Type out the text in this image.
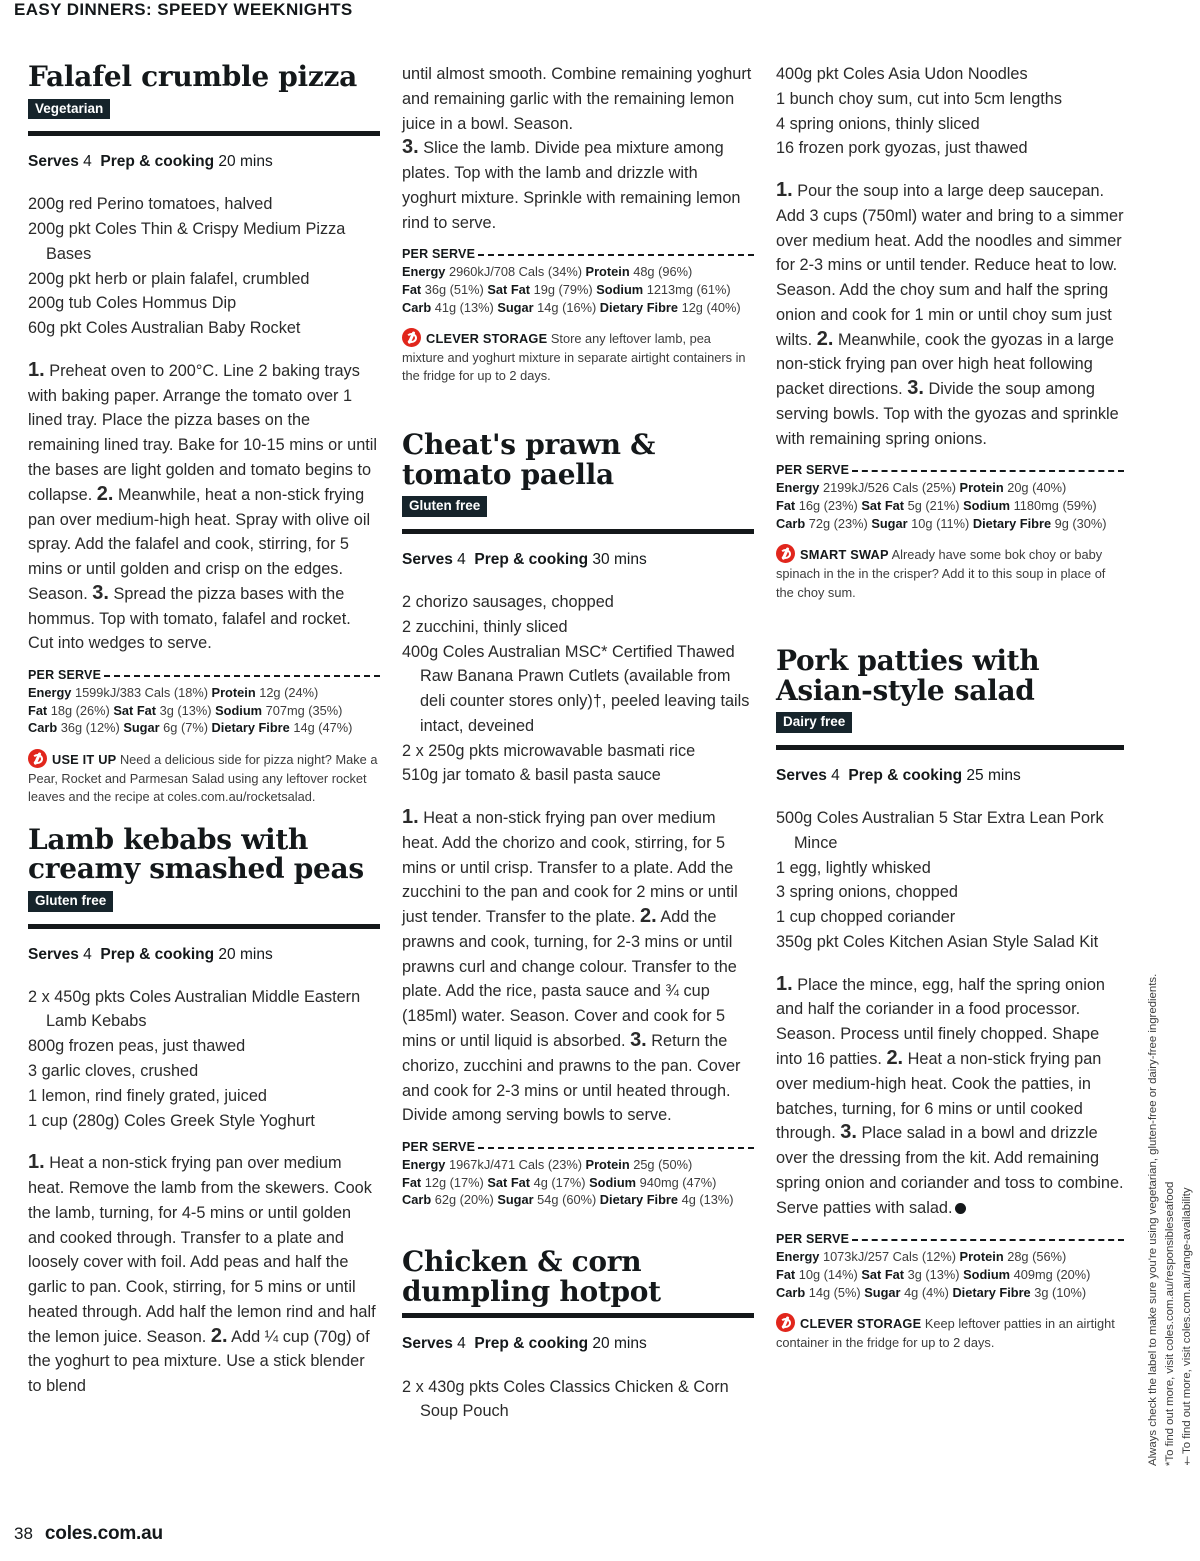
EASY DINNERS: SPEEDY WEEKNIGHTS
Falafel crumble pizza
Vegetarian
Serves 4 Prep & cooking 20 mins
200g red Perino tomatoes, halved
200g pkt Coles Thin & Crispy Medium Pizza Bases
200g pkt herb or plain falafel, crumbled
200g tub Coles Hommus Dip
60g pkt Coles Australian Baby Rocket
1. Preheat oven to 200°C. Line 2 baking trays with baking paper. Arrange the tomato over 1 lined tray. Place the pizza bases on the remaining lined tray. Bake for 10-15 mins or until the bases are light golden and tomato begins to collapse. 2. Meanwhile, heat a non-stick frying pan over medium-high heat. Spray with olive oil spray. Add the falafel and cook, stirring, for 5 mins or until golden and crisp on the edges. Season. 3. Spread the pizza bases with the hommus. Top with tomato, falafel and rocket. Cut into wedges to serve.
PER SERVE
Energy 1599kJ/383 Cals (18%) Protein 12g (24%)
Fat 18g (26%) Sat Fat 3g (13%) Sodium 707mg (35%)
Carb 36g (12%) Sugar 6g (7%) Dietary Fibre 14g (47%)
USE IT UP Need a delicious side for pizza night? Make a Pear, Rocket and Parmesan Salad using any leftover rocket leaves and the recipe at coles.com.au/rocketsalad.
Lamb kebabs with
creamy smashed peas
Gluten free
Serves 4 Prep & cooking 20 mins
2 x 450g pkts Coles Australian Middle Eastern Lamb Kebabs
800g frozen peas, just thawed
3 garlic cloves, crushed
1 lemon, rind finely grated, juiced
1 cup (280g) Coles Greek Style Yoghurt
1. Heat a non-stick frying pan over medium heat. Remove the lamb from the skewers. Cook the lamb, turning, for 4-5 mins or until golden and cooked through. Transfer to a plate and loosely cover with foil. Add peas and half the garlic to pan. Cook, stirring, for 5 mins or until heated through. Add half the lemon rind and half the lemon juice. Season. 2. Add ¼ cup (70g) of the yoghurt to pea mixture. Use a stick blender to blend
until almost smooth. Combine remaining yoghurt and remaining garlic with the remaining lemon juice in a bowl. Season.
3. Slice the lamb. Divide pea mixture among plates. Top with the lamb and drizzle with yoghurt mixture. Sprinkle with remaining lemon rind to serve.
PER SERVE
Energy 2960kJ/708 Cals (34%) Protein 48g (96%)
Fat 36g (51%) Sat Fat 19g (79%) Sodium 1213mg (61%)
Carb 41g (13%) Sugar 14g (16%) Dietary Fibre 12g (40%)
CLEVER STORAGE Store any leftover lamb, pea mixture and yoghurt mixture in separate airtight containers in the fridge for up to 2 days.
Cheat's prawn &
tomato paella
Gluten free
Serves 4 Prep & cooking 30 mins
2 chorizo sausages, chopped
2 zucchini, thinly sliced
400g Coles Australian MSC* Certified Thawed Raw Banana Prawn Cutlets (available from deli counter stores only)†, peeled leaving tails intact, deveined
2 x 250g pkts microwavable basmati rice
510g jar tomato & basil pasta sauce
1. Heat a non-stick frying pan over medium heat. Add the chorizo and cook, stirring, for 5 mins or until crisp. Transfer to a plate. Add the zucchini to the pan and cook for 2 mins or until just tender. Transfer to the plate. 2. Add the prawns and cook, turning, for 2-3 mins or until prawns curl and change colour. Transfer to the plate. Add the rice, pasta sauce and ¾ cup (185ml) water. Season. Cover and cook for 5 mins or until liquid is absorbed. 3. Return the chorizo, zucchini and prawns to the pan. Cover and cook for 2-3 mins or until heated through. Divide among serving bowls to serve.
PER SERVE
Energy 1967kJ/471 Cals (23%) Protein 25g (50%)
Fat 12g (17%) Sat Fat 4g (17%) Sodium 940mg (47%)
Carb 62g (20%) Sugar 54g (60%) Dietary Fibre 4g (13%)
Chicken & corn
dumpling hotpot
Serves 4 Prep & cooking 20 mins
2 x 430g pkts Coles Classics Chicken & Corn Soup Pouch
400g pkt Coles Asia Udon Noodles
1 bunch choy sum, cut into 5cm lengths
4 spring onions, thinly sliced
16 frozen pork gyozas, just thawed
1. Pour the soup into a large deep saucepan. Add 3 cups (750ml) water and bring to a simmer over medium heat. Add the noodles and simmer for 2-3 mins or until tender. Reduce heat to low. Season. Add the choy sum and half the spring onion and cook for 1 min or until choy sum just wilts. 2. Meanwhile, cook the gyozas in a large non-stick frying pan over high heat following packet directions. 3. Divide the soup among serving bowls. Top with the gyozas and sprinkle with remaining spring onions.
PER SERVE
Energy 2199kJ/526 Cals (25%) Protein 20g (40%)
Fat 16g (23%) Sat Fat 5g (21%) Sodium 1180mg (59%)
Carb 72g (23%) Sugar 10g (11%) Dietary Fibre 9g (30%)
SMART SWAP Already have some bok choy or baby spinach in the in the crisper? Add it to this soup in place of the choy sum.
Pork patties with
Asian-style salad
Dairy free
Serves 4 Prep & cooking 25 mins
500g Coles Australian 5 Star Extra Lean Pork Mince
1 egg, lightly whisked
3 spring onions, chopped
1 cup chopped coriander
350g pkt Coles Kitchen Asian Style Salad Kit
1. Place the mince, egg, half the spring onion and half the coriander in a food processor. Season. Process until finely chopped. Shape into 16 patties. 2. Heat a non-stick frying pan over medium-high heat. Cook the patties, in batches, turning, for 6 mins or until cooked through. 3. Place salad in a bowl and drizzle over the dressing from the kit. Add remaining spring onion and coriander and toss to combine. Serve patties with salad.
PER SERVE
Energy 1073kJ/257 Cals (12%) Protein 28g (56%)
Fat 10g (14%) Sat Fat 3g (13%) Sodium 409mg (20%)
Carb 14g (5%) Sugar 4g (4%) Dietary Fibre 3g (10%)
CLEVER STORAGE Keep leftover patties in an airtight container in the fridge for up to 2 days.	Always check the label to make sure you're using vegetarian, gluten-free or dairy-free ingredients. *To find out more, visit coles.com.au/responsibleseafood †To find out more, visit coles.com.au/range-availability
38 coles.com.au
